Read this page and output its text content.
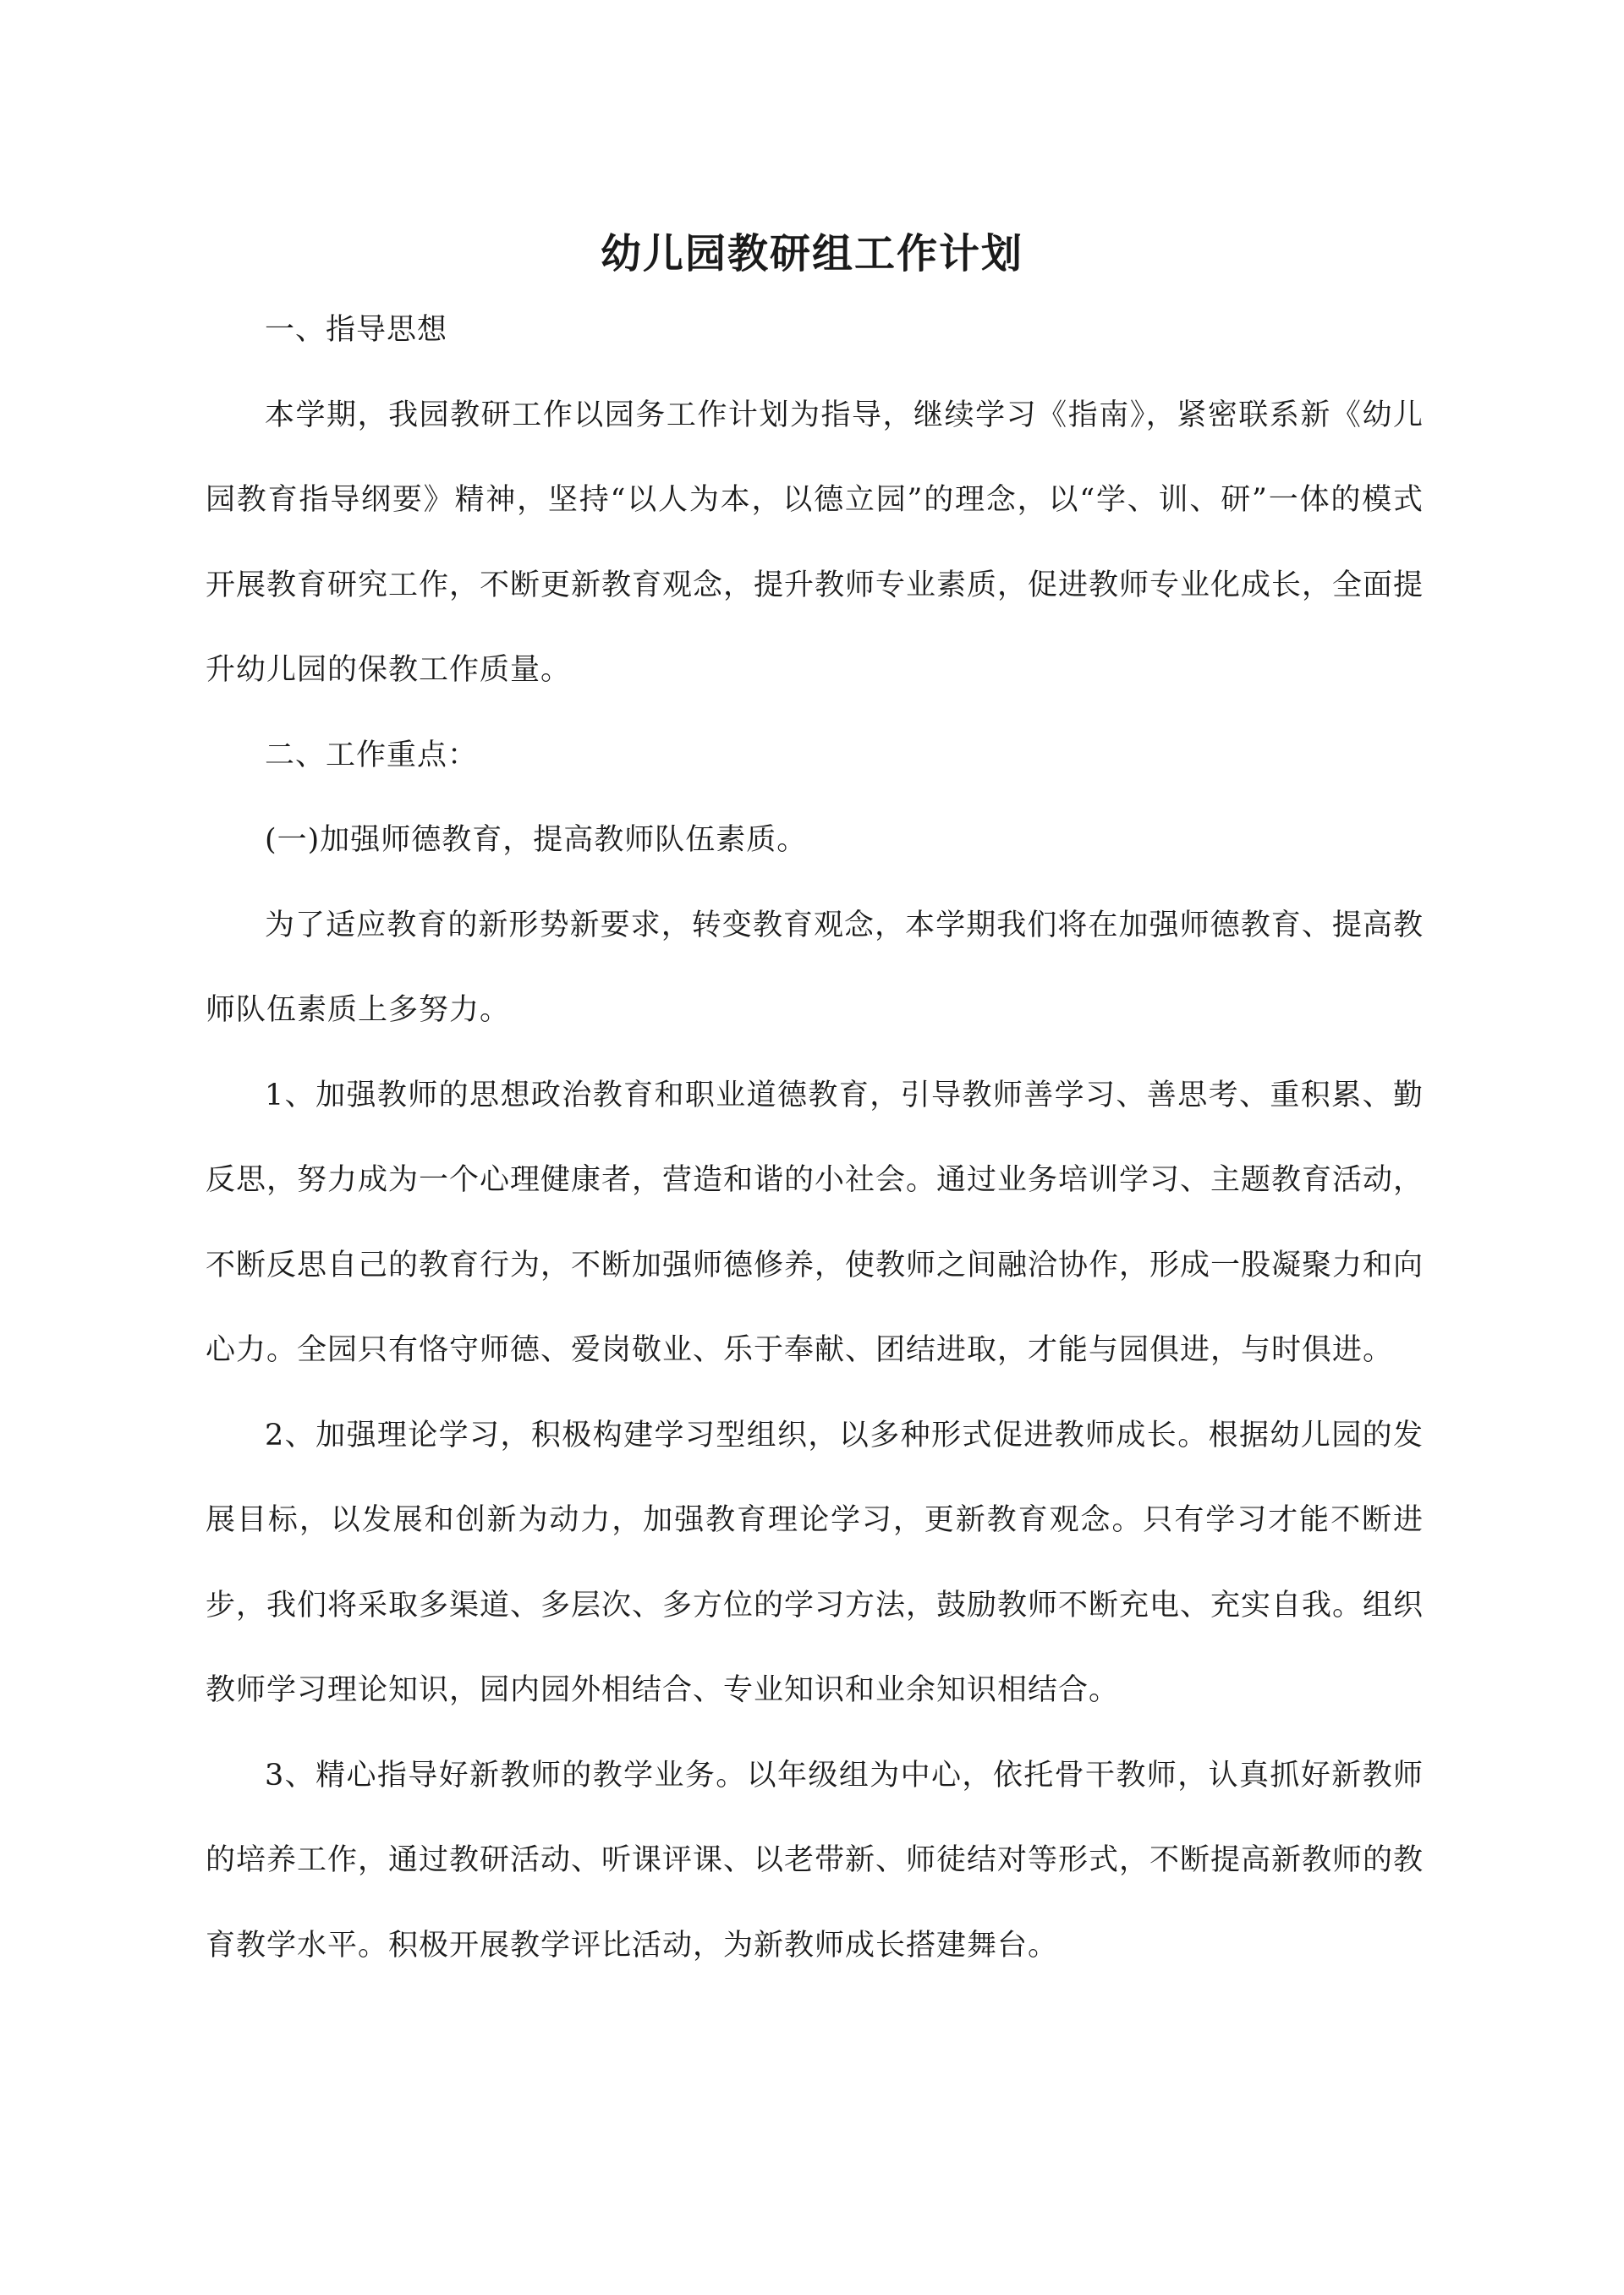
幼儿园教研组工作计划

一、指导思想

本学期，我园教研工作以园务工作计划为指导，继续学习《指南》，紧密联系新《幼儿园教育指导纲要》精神，坚持“以人为本，以德立园”的理念，以“学、训、研”一体的模式开展教育研究工作，不断更新教育观念，提升教师专业素质，促进教师专业化成长，全面提升幼儿园的保教工作质量。

二、工作重点：

(一)加强师德教育，提高教师队伍素质。

为了适应教育的新形势新要求，转变教育观念，本学期我们将在加强师德教育、提高教师队伍素质上多努力。

1、加强教师的思想政治教育和职业道德教育，引导教师善学习、善思考、重积累、勤反思，努力成为一个心理健康者，营造和谐的小社会。通过业务培训学习、主题教育活动，不断反思自己的教育行为，不断加强师德修养，使教师之间融洽协作，形成一股凝聚力和向心力。全园只有恪守师德、爱岗敬业、乐于奉献、团结进取，才能与园俱进，与时俱进。

2、加强理论学习，积极构建学习型组织，以多种形式促进教师成长。根据幼儿园的发展目标，以发展和创新为动力，加强教育理论学习，更新教育观念。只有学习才能不断进步，我们将采取多渠道、多层次、多方位的学习方法，鼓励教师不断充电、充实自我。组织教师学习理论知识，园内园外相结合、专业知识和业余知识相结合。

3、精心指导好新教师的教学业务。以年级组为中心，依托骨干教师，认真抓好新教师的培养工作，通过教研活动、听课评课、以老带新、师徒结对等形式，不断提高新教师的教育教学水平。积极开展教学评比活动，为新教师成长搭建舞台。
